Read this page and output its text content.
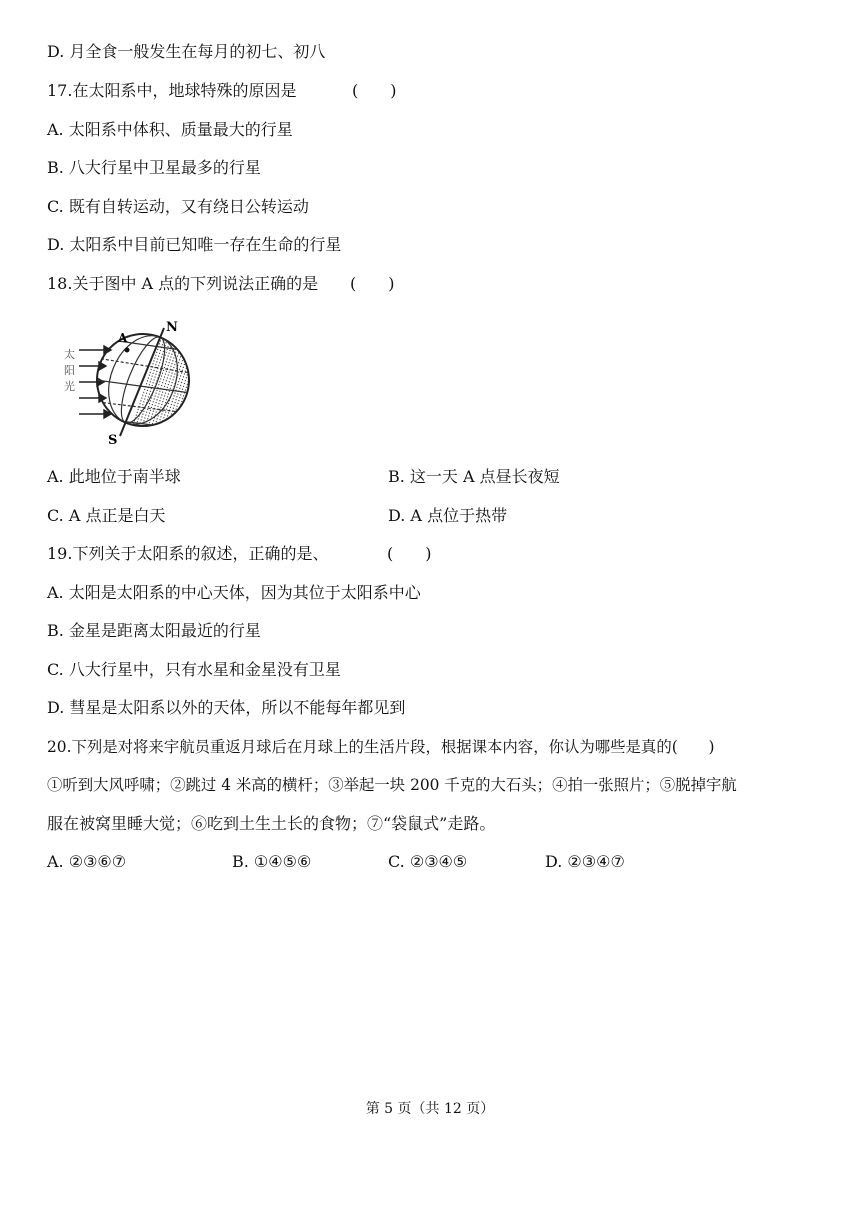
D. 月全食一般发生在每月的初七、初八
17.在太阳系中，地球特殊的原因是	(　　)
A. 太阳系中体积、质量最大的行星
B. 八大行星中卫星最多的行星
C. 既有自转运动，又有绕日公转运动
D. 太阳系中目前已知唯一存在生命的行星
18.关于图中 A 点的下列说法正确的是 (　　)
太
阳
光
A
N
S
A. 此地位于南半球	B. 这一天 A 点昼长夜短
C. A 点正是白天	D. A 点位于热带
19.下列关于太阳系的叙述，正确的是、	(　　)
A. 太阳是太阳系的中心天体，因为其位于太阳系中心
B. 金星是距离太阳最近的行星
C. 八大行星中，只有水星和金星没有卫星
D. 彗星是太阳系以外的天体，所以不能每年都见到
20.下列是对将来宇航员重返月球后在月球上的生活片段，根据课本内容，你认为哪些是真的(　　)
①听到大风呼啸；②跳过 4 米高的横杆；③举起一块 200 千克的大石头；④拍一张照片；⑤脱掉宇航
服在被窝里睡大觉；⑥吃到土生土长的食物；⑦“袋鼠式”走路。
A. ②③⑥⑦	B. ①④⑤⑥	C. ②③④⑤	D. ②③④⑦
第 5 页（共 12 页）
